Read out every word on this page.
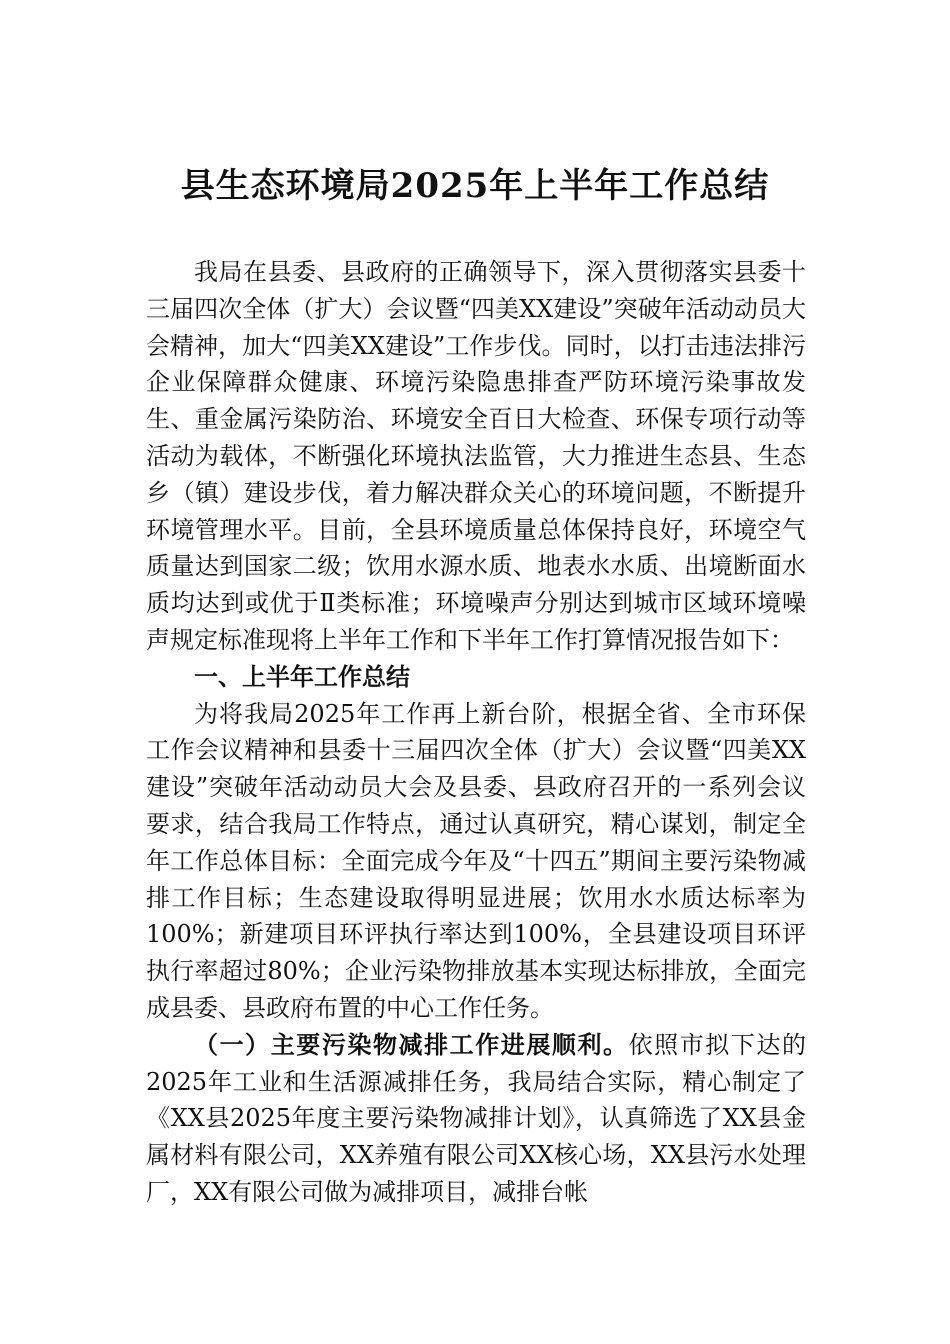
县生态环境局2025年上半年工作总结

我局在县委、县政府的正确领导下，深入贯彻落实县委十三届四次全体（扩大）会议暨“四美XX建设”突破年活动动员大会精神，加大“四美XX建设”工作步伐。同时，以打击违法排污企业保障群众健康、环境污染隐患排查严防环境污染事故发生、重金属污染防治、环境安全百日大检查、环保专项行动等活动为载体，不断强化环境执法监管，大力推进生态县、生态乡（镇）建设步伐，着力解决群众关心的环境问题，不断提升环境管理水平。目前，全县环境质量总体保持良好，环境空气质量达到国家二级；饮用水源水质、地表水水质、出境断面水质均达到或优于Ⅱ类标准；环境噪声分别达到城市区域环境噪声规定标准现将上半年工作和下半年工作打算情况报告如下：

一、上半年工作总结

为将我局2025年工作再上新台阶，根据全省、全市环保工作会议精神和县委十三届四次全体（扩大）会议暨“四美XX建设”突破年活动动员大会及县委、县政府召开的一系列会议要求，结合我局工作特点，通过认真研究，精心谋划，制定全年工作总体目标：全面完成今年及“十四五”期间主要污染物减排工作目标；生态建设取得明显进展；饮用水水质达标率为100%；新建项目环评执行率达到100%，全县建设项目环评执行率超过80%；企业污染物排放基本实现达标排放，全面完成县委、县政府布置的中心工作任务。

（一）主要污染物减排工作进展顺利。依照市拟下达的2025年工业和生活源减排任务，我局结合实际，精心制定了《XX县2025年度主要污染物减排计划》，认真筛选了XX县金属材料有限公司，XX养殖有限公司XX核心场，XX县污水处理厂，XX有限公司做为减排项目，减排台帐
